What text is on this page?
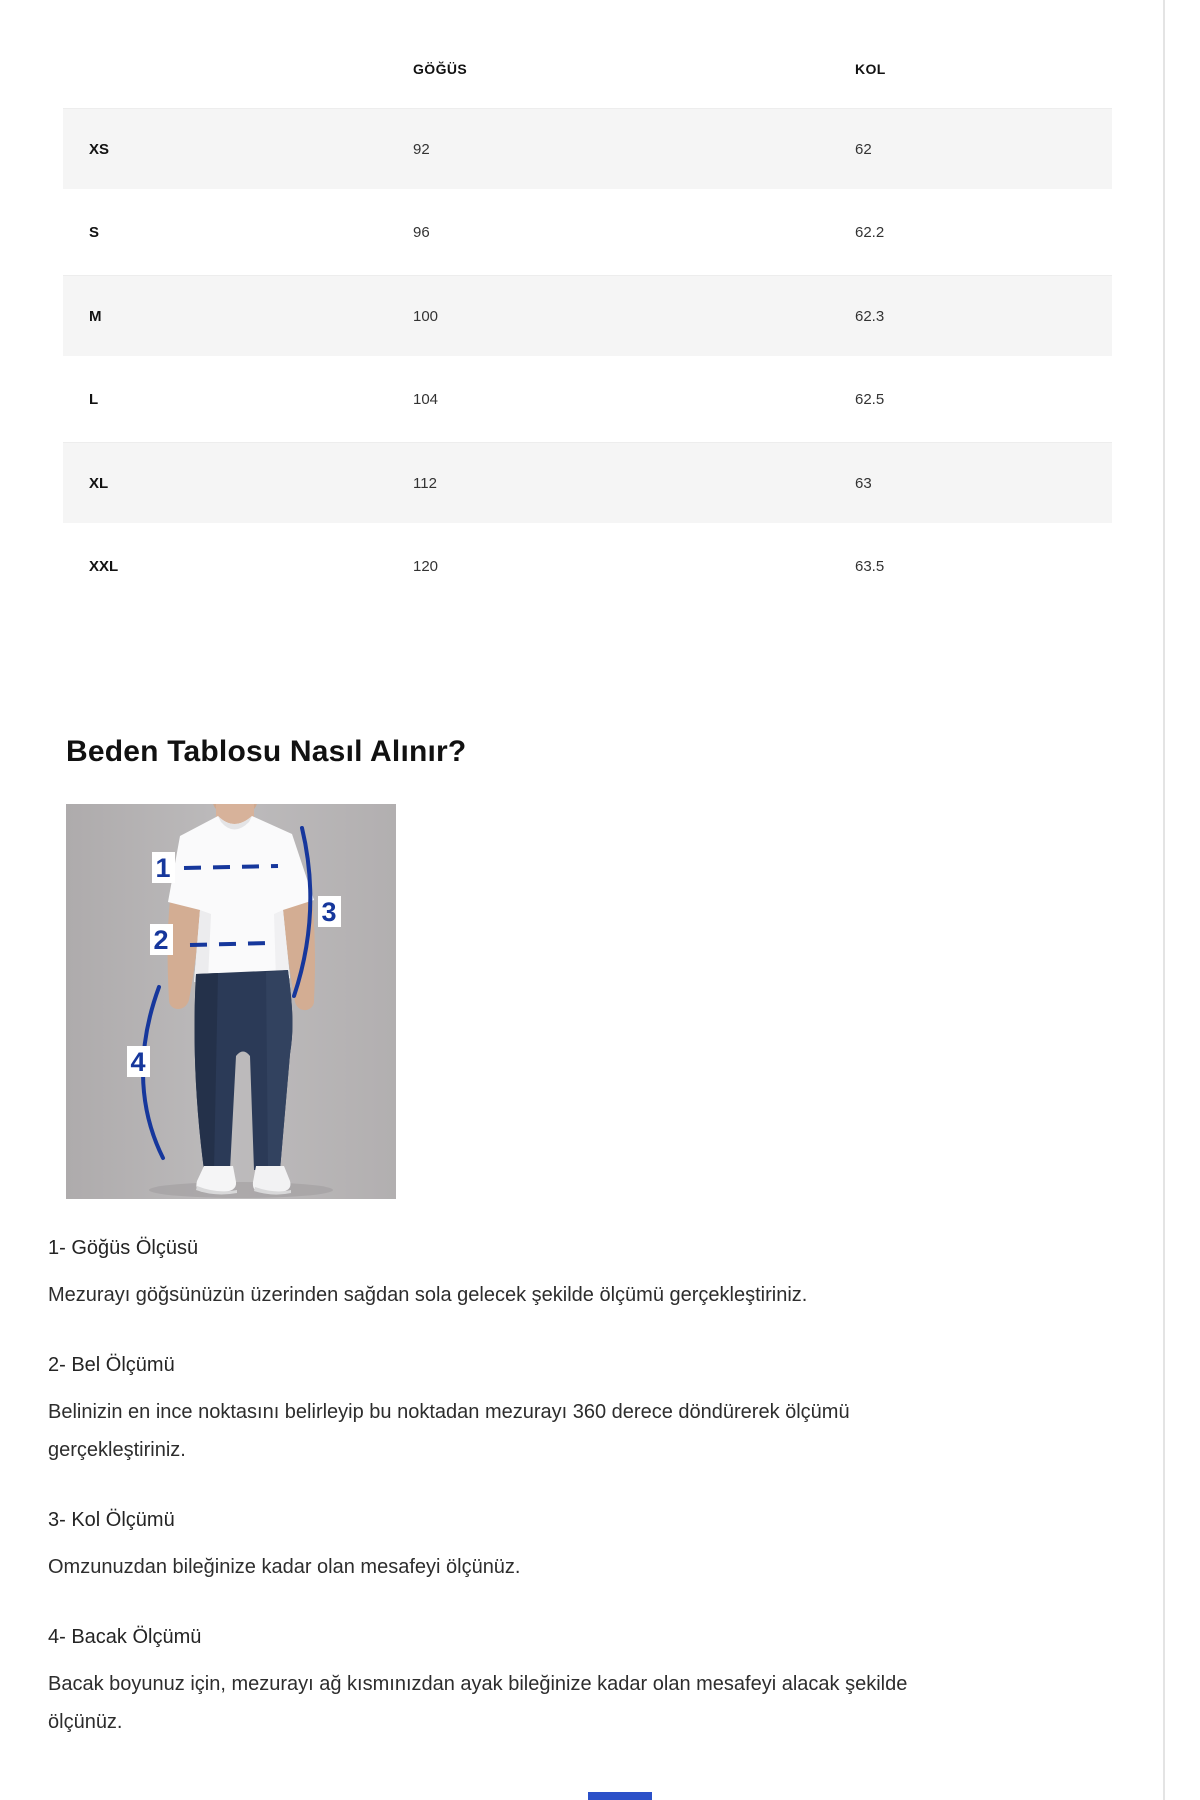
	GÖĞÜS	KOL
XS	92	62
S	96	62.2
M	100	62.3
L	104	62.5
XL	112	63
XXL	120	63.5
Beden Tablosu Nasıl Alınır?
1
2
3
4
1- Göğüs Ölçüsü

Mezurayı göğsünüzün üzerinden sağdan sola gelecek şekilde ölçümü gerçekleştiriniz.

2- Bel Ölçümü

Belinizin en ince noktasını belirleyip bu noktadan mezurayı 360 derece döndürerek ölçümü gerçekleştiriniz.

3- Kol Ölçümü

Omzunuzdan bileğinize kadar olan mesafeyi ölçünüz.

4- Bacak Ölçümü

Bacak boyunuz için, mezurayı ağ kısmınızdan ayak bileğinize kadar olan mesafeyi alacak şekilde ölçünüz.
